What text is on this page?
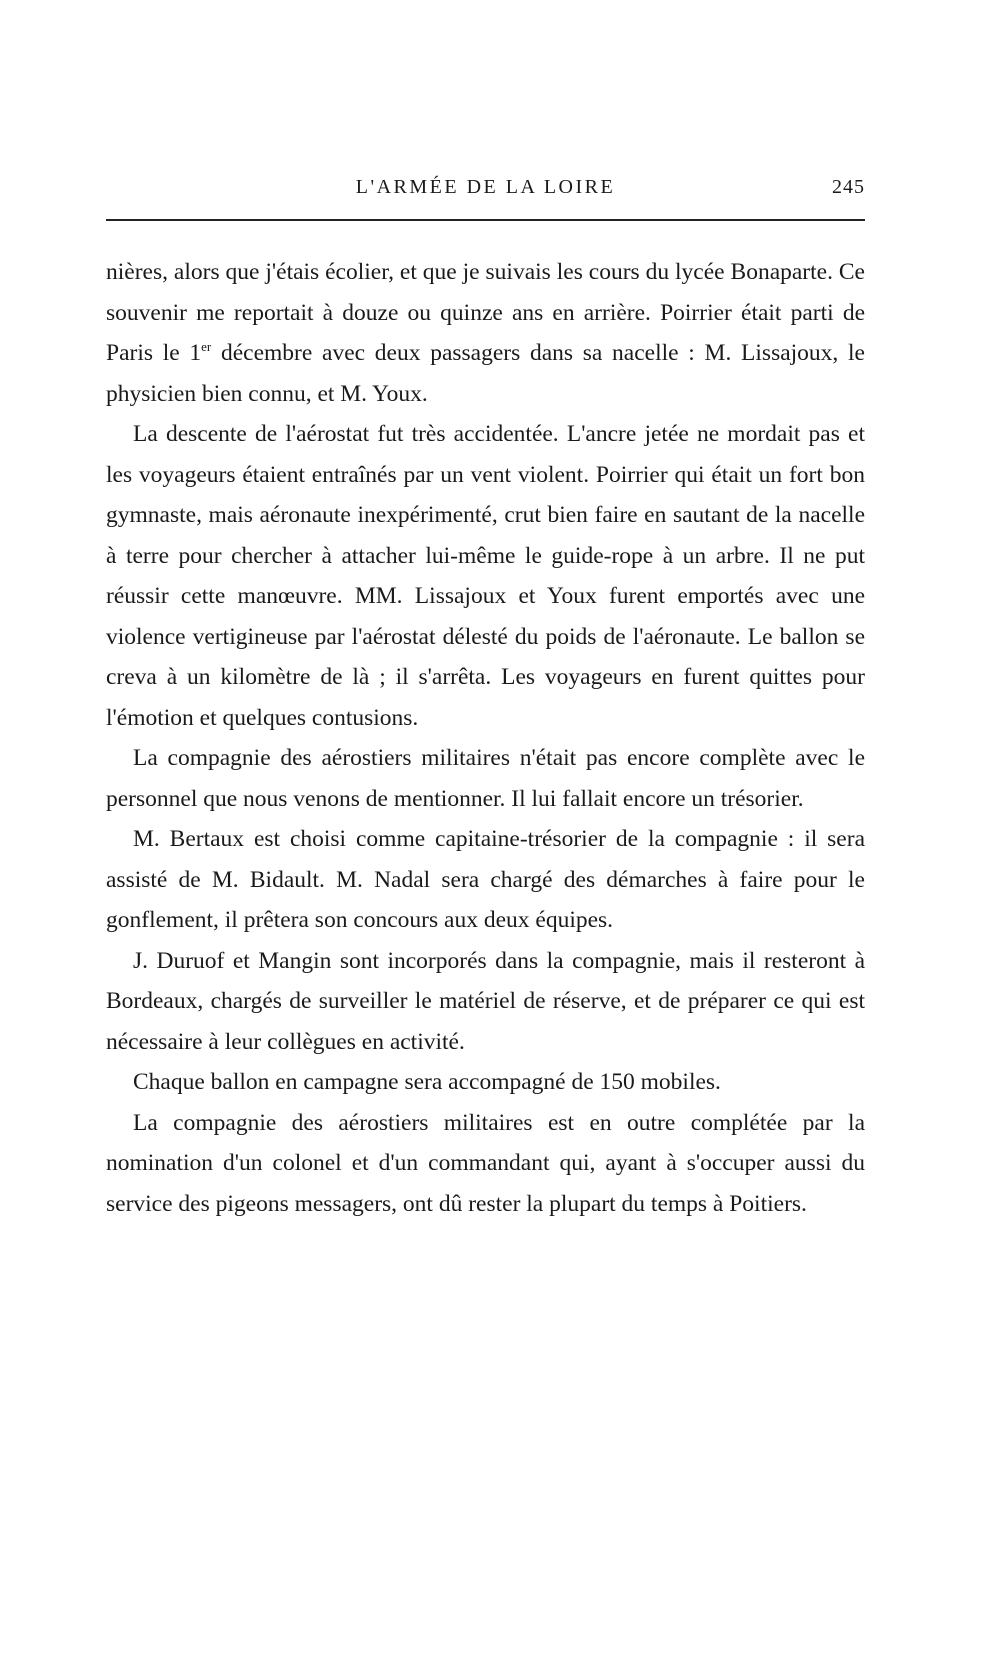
L'ARMÉE DE LA LOIRE	245

nières, alors que j'étais écolier, et que je suivais les cours du lycée Bonaparte. Ce souvenir me reportait à douze ou quinze ans en arrière. Poirrier était parti de Paris le 1er décembre avec deux passagers dans sa nacelle : M. Lissajoux, le physicien bien connu, et M. Youx.

La descente de l'aérostat fut très accidentée. L'ancre jetée ne mordait pas et les voyageurs étaient entraînés par un vent violent. Poirrier qui était un fort bon gymnaste, mais aéronaute inexpérimenté, crut bien faire en sautant de la nacelle à terre pour chercher à attacher lui-même le guide-rope à un arbre. Il ne put réussir cette manœuvre. MM. Lissajoux et Youx furent emportés avec une violence vertigineuse par l'aérostat délesté du poids de l'aéronaute. Le ballon se creva à un kilomètre de là ; il s'arrêta. Les voyageurs en furent quittes pour l'émotion et quelques contusions.

La compagnie des aérostiers militaires n'était pas encore complète avec le personnel que nous venons de mentionner. Il lui fallait encore un trésorier.

M. Bertaux est choisi comme capitaine-trésorier de la compagnie : il sera assisté de M. Bidault. M. Nadal sera chargé des démarches à faire pour le gonflement, il prêtera son concours aux deux équipes.

J. Duruof et Mangin sont incorporés dans la compagnie, mais il resteront à Bordeaux, chargés de surveiller le matériel de réserve, et de préparer ce qui est nécessaire à leur collègues en activité.

Chaque ballon en campagne sera accompagné de 150 mobiles.

La compagnie des aérostiers militaires est en outre complétée par la nomination d'un colonel et d'un commandant qui, ayant à s'occuper aussi du service des pigeons messagers, ont dû rester la plupart du temps à Poitiers.
